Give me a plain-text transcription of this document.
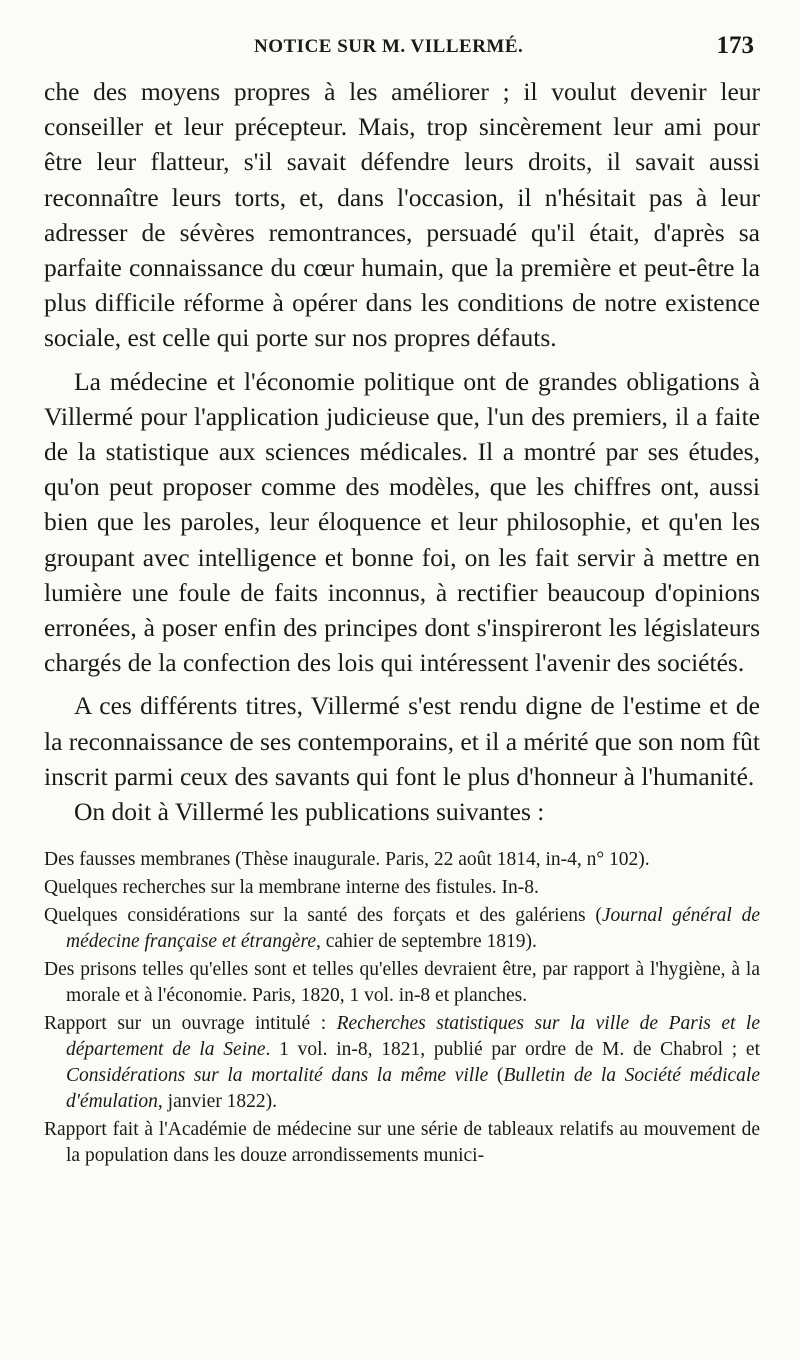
NOTICE SUR M. VILLERMÉ.	173

che des moyens propres à les améliorer ; il voulut devenir leur conseiller et leur précepteur. Mais, trop sincèrement leur ami pour être leur flatteur, s'il savait défendre leurs droits, il savait aussi reconnaître leurs torts, et, dans l'occasion, il n'hésitait pas à leur adresser de sévères remontrances, persuadé qu'il était, d'après sa parfaite connaissance du cœur humain, que la première et peut-être la plus difficile réforme à opérer dans les conditions de notre existence sociale, est celle qui porte sur nos propres défauts.

La médecine et l'économie politique ont de grandes obligations à Villermé pour l'application judicieuse que, l'un des premiers, il a faite de la statistique aux sciences médicales. Il a montré par ses études, qu'on peut proposer comme des modèles, que les chiffres ont, aussi bien que les paroles, leur éloquence et leur philosophie, et qu'en les groupant avec intelligence et bonne foi, on les fait servir à mettre en lumière une foule de faits inconnus, à rectifier beaucoup d'opinions erronées, à poser enfin des principes dont s'inspireront les législateurs chargés de la confection des lois qui intéressent l'avenir des sociétés.

A ces différents titres, Villermé s'est rendu digne de l'estime et de la reconnaissance de ses contemporains, et il a mérité que son nom fût inscrit parmi ceux des savants qui font le plus d'honneur à l'humanité.

On doit à Villermé les publications suivantes :

Des fausses membranes (Thèse inaugurale. Paris, 22 août 1814, in-4, n° 102).

Quelques recherches sur la membrane interne des fistules. In-8.

Quelques considérations sur la santé des forçats et des galériens (Journal général de médecine française et étrangère, cahier de septembre 1819).

Des prisons telles qu'elles sont et telles qu'elles devraient être, par rapport à l'hygiène, à la morale et à l'économie. Paris, 1820, 1 vol. in-8 et planches.

Rapport sur un ouvrage intitulé : Recherches statistiques sur la ville de Paris et le département de la Seine. 1 vol. in-8, 1821, publié par ordre de M. de Chabrol ; et Considérations sur la mortalité dans la même ville (Bulletin de la Société médicale d'émulation, janvier 1822).

Rapport fait à l'Académie de médecine sur une série de tableaux relatifs au mouvement de la population dans les douze arrondissements munici-
